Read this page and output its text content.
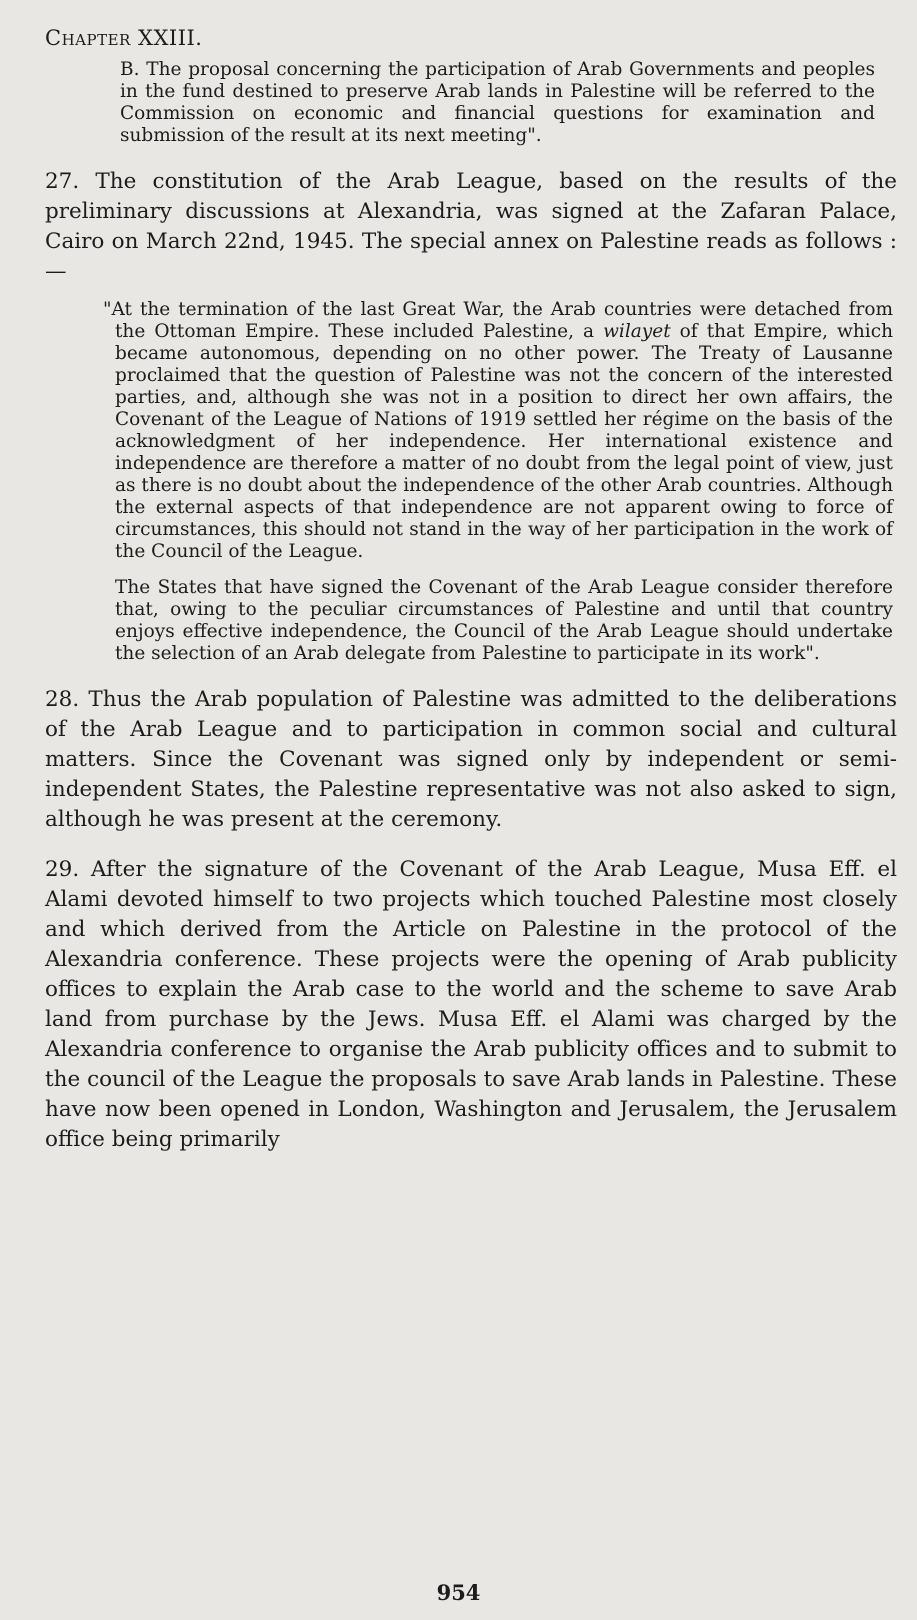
Chapter XXIII.

B. The proposal concerning the participation of Arab Governments and peoples in the fund destined to preserve Arab lands in Palestine will be referred to the Commission on economic and financial questions for examination and submission of the result at its next meeting".

27. The constitution of the Arab League, based on the results of the preliminary discussions at Alexandria, was signed at the Zafaran Palace, Cairo on March 22nd, 1945. The special annex on Palestine reads as follows :—

"At the termination of the last Great War, the Arab countries were detached from the Ottoman Empire. These included Palestine, a wilayet of that Empire, which became autonomous, depending on no other power. The Treaty of Lausanne proclaimed that the question of Palestine was not the concern of the interested parties, and, although she was not in a position to direct her own affairs, the Covenant of the League of Nations of 1919 settled her régime on the basis of the acknowledgment of her independence. Her international existence and independence are therefore a matter of no doubt from the legal point of view, just as there is no doubt about the independence of the other Arab countries. Although the external aspects of that independence are not apparent owing to force of circumstances, this should not stand in the way of her participation in the work of the Council of the League.

The States that have signed the Covenant of the Arab League consider therefore that, owing to the peculiar circumstances of Palestine and until that country enjoys effective independence, the Council of the Arab League should undertake the selection of an Arab delegate from Palestine to participate in its work".

28. Thus the Arab population of Palestine was admitted to the deliberations of the Arab League and to participation in common social and cultural matters. Since the Covenant was signed only by independent or semi-independent States, the Palestine representative was not also asked to sign, although he was present at the ceremony.

29. After the signature of the Covenant of the Arab League, Musa Eff. el Alami devoted himself to two projects which touched Palestine most closely and which derived from the Article on Palestine in the protocol of the Alexandria conference. These projects were the opening of Arab publicity offices to explain the Arab case to the world and the scheme to save Arab land from purchase by the Jews. Musa Eff. el Alami was charged by the Alexandria conference to organise the Arab publicity offices and to submit to the council of the League the proposals to save Arab lands in Palestine. These have now been opened in London, Washington and Jerusalem, the Jerusalem office being primarily

954
